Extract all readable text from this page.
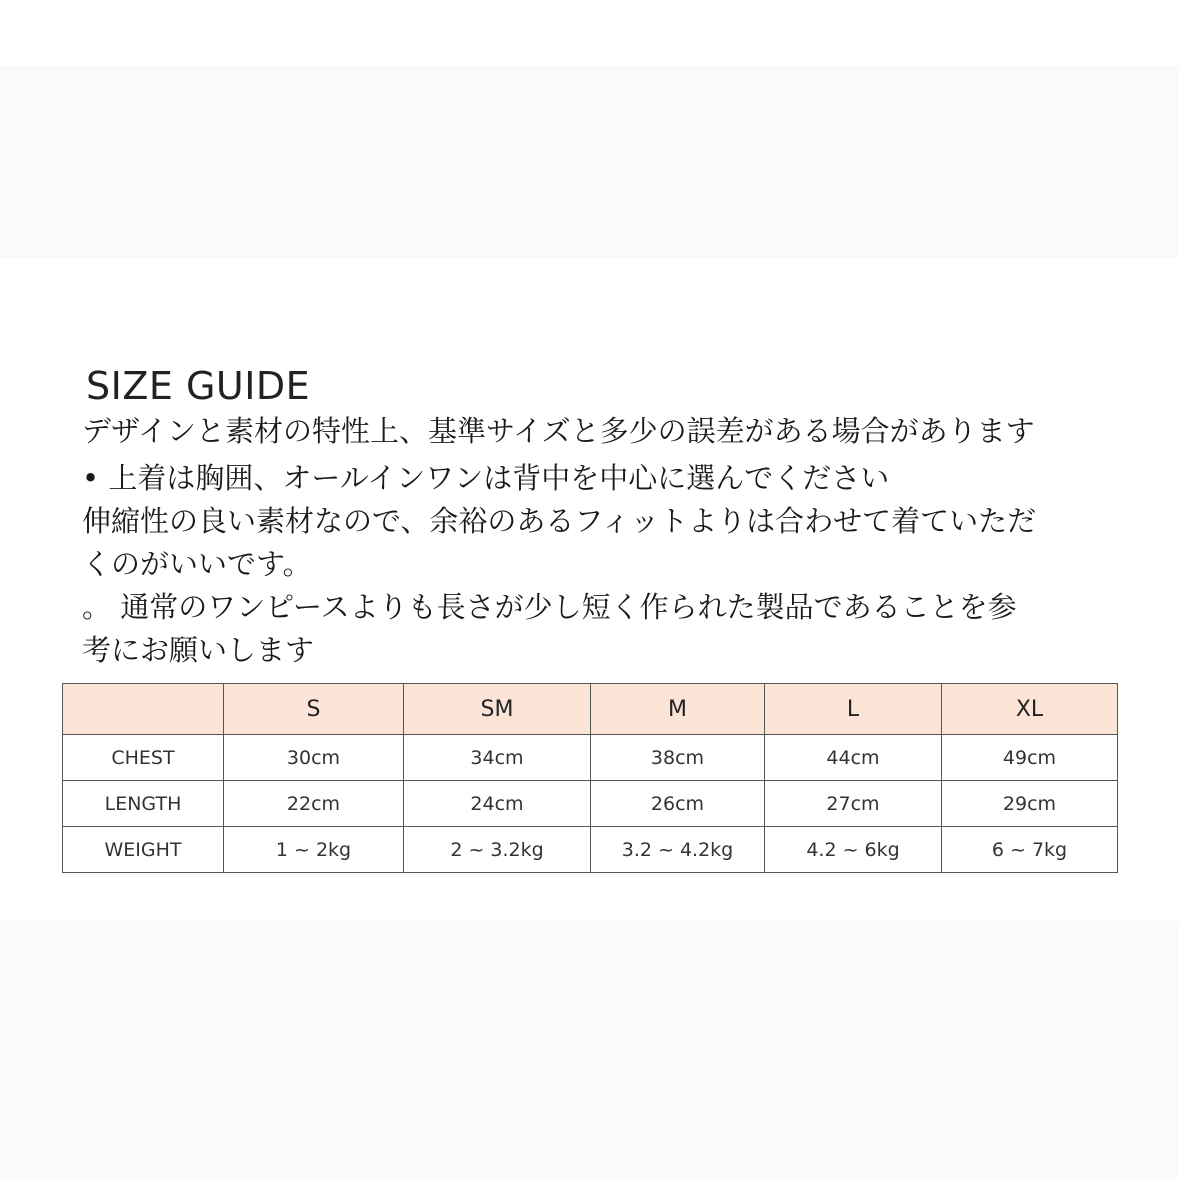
SIZE GUIDE

デザインと素材の特性上、基準サイズと多少の誤差がある場合があります

• 上着は胸囲、オールインワンは背中を中心に選んでください

伸縮性の良い素材なので、余裕のあるフィットよりは合わせて着ていただ
くのがいいです。

。 通常のワンピースよりも長さが少し短く作られた製品であることを参
考にお願いします

	S	SM	M	L	XL
CHEST	30cm	34cm	38cm	44cm	49cm
LENGTH	22cm	24cm	26cm	27cm	29cm
WEIGHT	1 ~ 2kg	2 ~ 3.2kg	3.2 ~ 4.2kg	4.2 ~ 6kg	6 ~ 7kg
